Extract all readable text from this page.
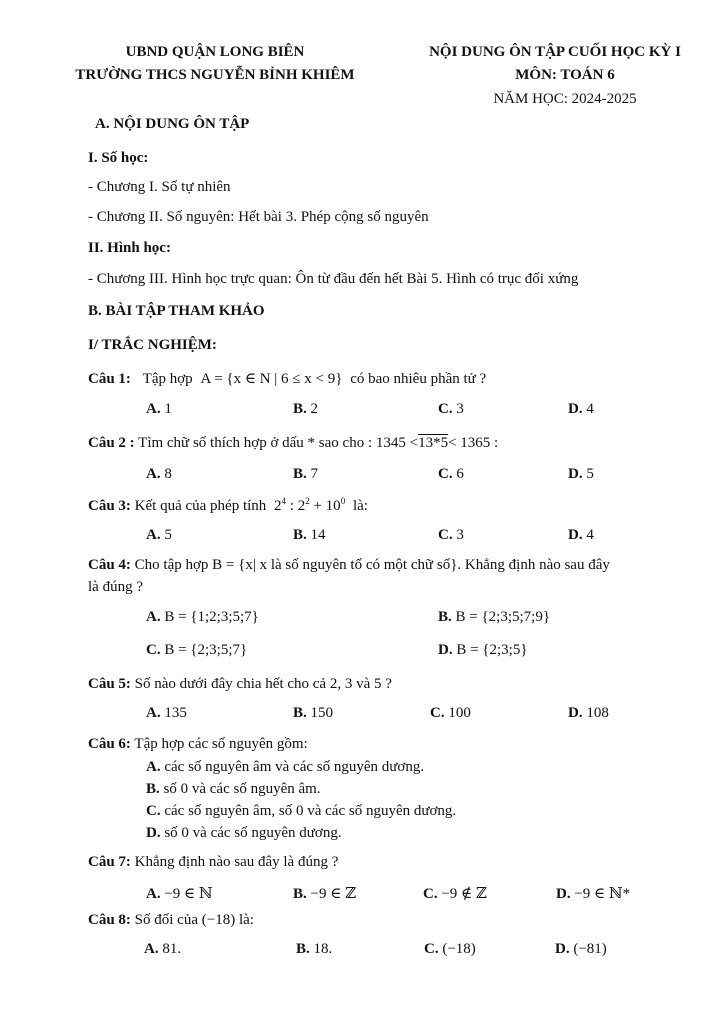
UBND QUẬN LONG BIÊN
TRƯỜNG THCS NGUYỄN BỈNH KHIÊM
NỘI DUNG ÔN TẬP CUỐI HỌC KỲ I
MÔN: TOÁN 6
NĂM HỌC: 2024-2025
A. NỘI DUNG ÔN TẬP
I. Số học:
- Chương I. Số tự nhiên
- Chương II. Số nguyên: Hết bài 3. Phép cộng số nguyên
II. Hình học:
- Chương III. Hình học trực quan: Ôn từ đầu đến hết Bài 5. Hình có trục đối xứng
B. BÀI TẬP THAM KHẢO
I/ TRẮC NGHIỆM:
Câu 1: Tập hợp A = {x ∈ N | 6 ≤ x < 9} có bao nhiêu phần tử ?
A. 1	B. 2	C. 3	D. 4
Câu 2 : Tìm chữ số thích hợp ở dấu * sao cho : 1345 <13*5< 1365 :
A. 8	B. 7	C. 6	D. 5
Câu 3: Kết quả của phép tính $2^4$ : $2^2 + 10^0$ là:
A. 5	B. 14	C. 3	D. 4
Câu 4: Cho tập hợp B = {x| x là số nguyên tố có một chữ số}. Khẳng định nào sau đây
là đúng ?
A. B = {1;2;3;5;7}	B. B = {2;3;5;7;9}
C. B = {2;3;5;7}	D. B = {2;3;5}
Câu 5: Số nào dưới đây chia hết cho cả 2, 3 và 5 ?
A. 135	B. 150	C. 100	D. 108
Câu 6: Tập hợp các số nguyên gồm:
A. các số nguyên âm và các số nguyên dương.
B. số 0 và các số nguyên âm.
C. các số nguyên âm, số 0 và các số nguyên dương.
D. số 0 và các số nguyên dương.
Câu 7: Khẳng định nào sau đây là đúng ?
A. −9 ∈ ℕ	B. −9 ∈ ℤ	C. −9 ∉ ℤ	D. −9 ∈ ℕ*
Câu 8: Số đối của (−18) là:
A. 81.	B. 18.	C. (−18)	D. (−81)
